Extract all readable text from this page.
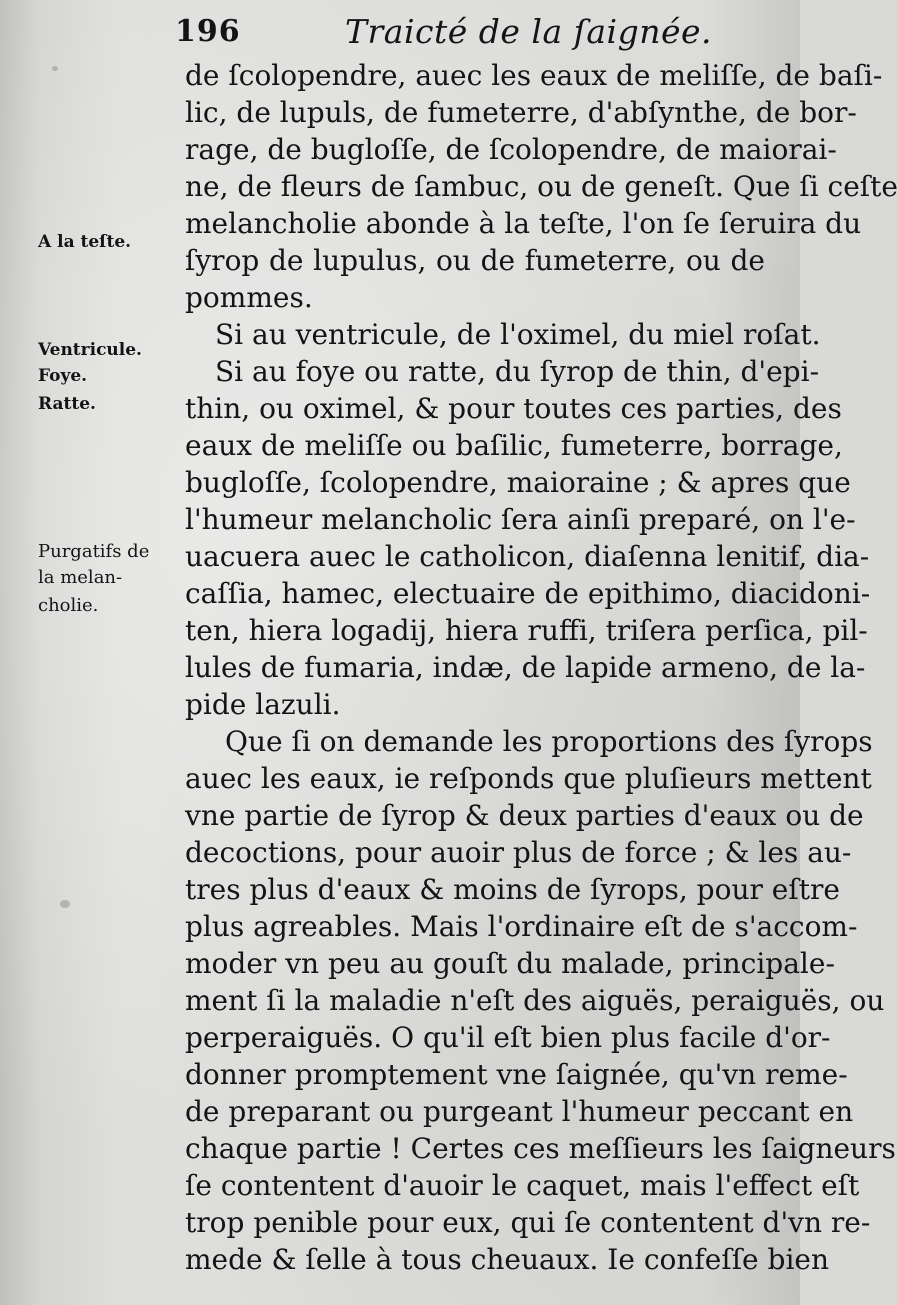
196	Traicté de la ſaignée.
A la teſte.
Ventricule.
Foye.
Ratte.
Purgatifs de
la melan-
cholie.
de ſcolopendre, auec les eaux de meliſſe, de baſi-
lic, de lupuls, de fumeterre, d'abſynthe, de bor-
rage, de bugloſſe, de ſcolopendre, de maiorai-
ne, de fleurs de ſambuc, ou de geneſt. Que ſi ceſte
melancholie abonde à la teſte, l'on ſe ſeruira du
ſyrop de lupulus, ou de fumeterre, ou de
pommes.
Si au ventricule, de l'oximel, du miel roſat.
Si au foye ou ratte, du ſyrop de thin, d'epi-
thin, ou oximel, & pour toutes ces parties, des
eaux de meliſſe ou baſilic, fumeterre, borrage,
bugloſſe, ſcolopendre, maioraine ; & apres que
l'humeur melancholic ſera ainſi preparé, on l'e-
uacuera auec le catholicon, diaſenna lenitif, dia-
caſſia, hamec, electuaire de epithimo, diacidoni-
ten, hiera logadij, hiera ruffi, triſera perſica, pil-
lules de fumaria, indæ, de lapide armeno, de la-
pide lazuli.
Que ſi on demande les proportions des ſyrops
auec les eaux, ie reſponds que pluſieurs mettent
vne partie de ſyrop & deux parties d'eaux ou de
decoctions, pour auoir plus de force ; & les au-
tres plus d'eaux & moins de ſyrops, pour eſtre
plus agreables. Mais l'ordinaire eſt de s'accom-
moder vn peu au gouſt du malade, principale-
ment ſi la maladie n'eſt des aiguës, peraiguës, ou
perperaiguës. O qu'il eſt bien plus facile d'or-
donner promptement vne ſaignée, qu'vn reme-
de preparant ou purgeant l'humeur peccant en
chaque partie ! Certes ces meſſieurs les ſaigneurs
ſe contentent d'auoir le caquet, mais l'effect eſt
trop penible pour eux, qui ſe contentent d'vn re-
mede & ſelle à tous cheuaux. Ie confeſſe bien
